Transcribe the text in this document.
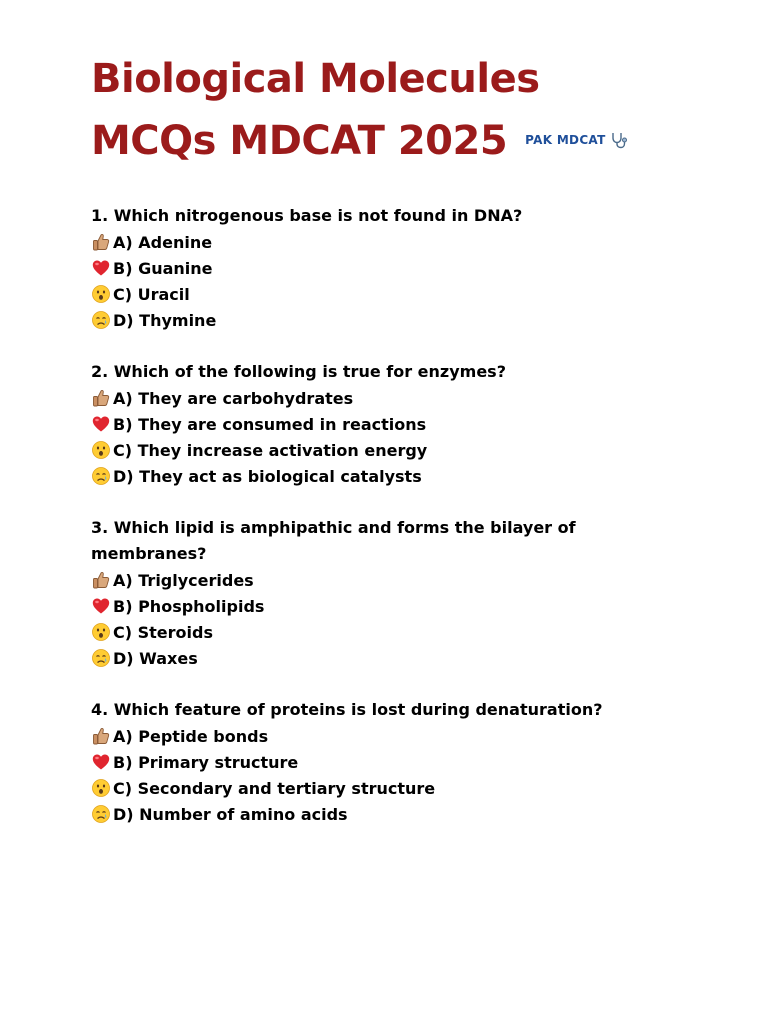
Biological Molecules
MCQs MDCAT 2025 PAK MDCAT
1. Which nitrogenous base is not found in DNA?
A) Adenine
B) Guanine
C) Uracil
D) Thymine
2. Which of the following is true for enzymes?
A) They are carbohydrates
B) They are consumed in reactions
C) They increase activation energy
D) They act as biological catalysts
3. Which lipid is amphipathic and forms the bilayer of membranes?
A) Triglycerides
B) Phospholipids
C) Steroids
D) Waxes
4. Which feature of proteins is lost during denaturation?
A) Peptide bonds
B) Primary structure
C) Secondary and tertiary structure
D) Number of amino acids
